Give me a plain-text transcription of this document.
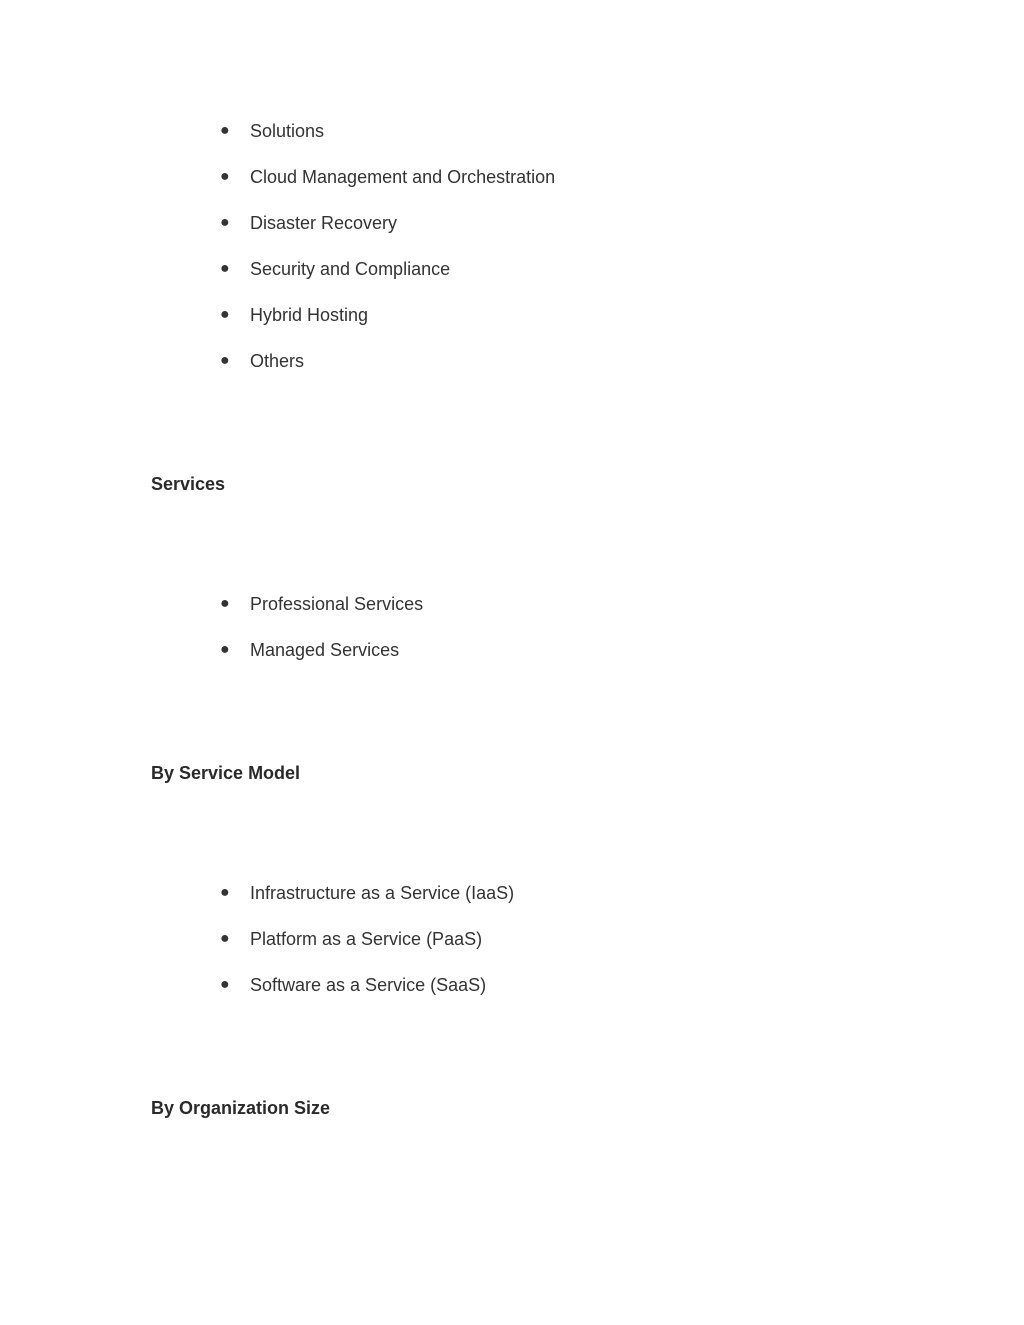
● Solutions
● Cloud Management and Orchestration
● Disaster Recovery
● Security and Compliance
● Hybrid Hosting
● Others
Services
● Professional Services
● Managed Services
By Service Model
● Infrastructure as a Service (IaaS)
● Platform as a Service (PaaS)
● Software as a Service (SaaS)
By Organization Size
